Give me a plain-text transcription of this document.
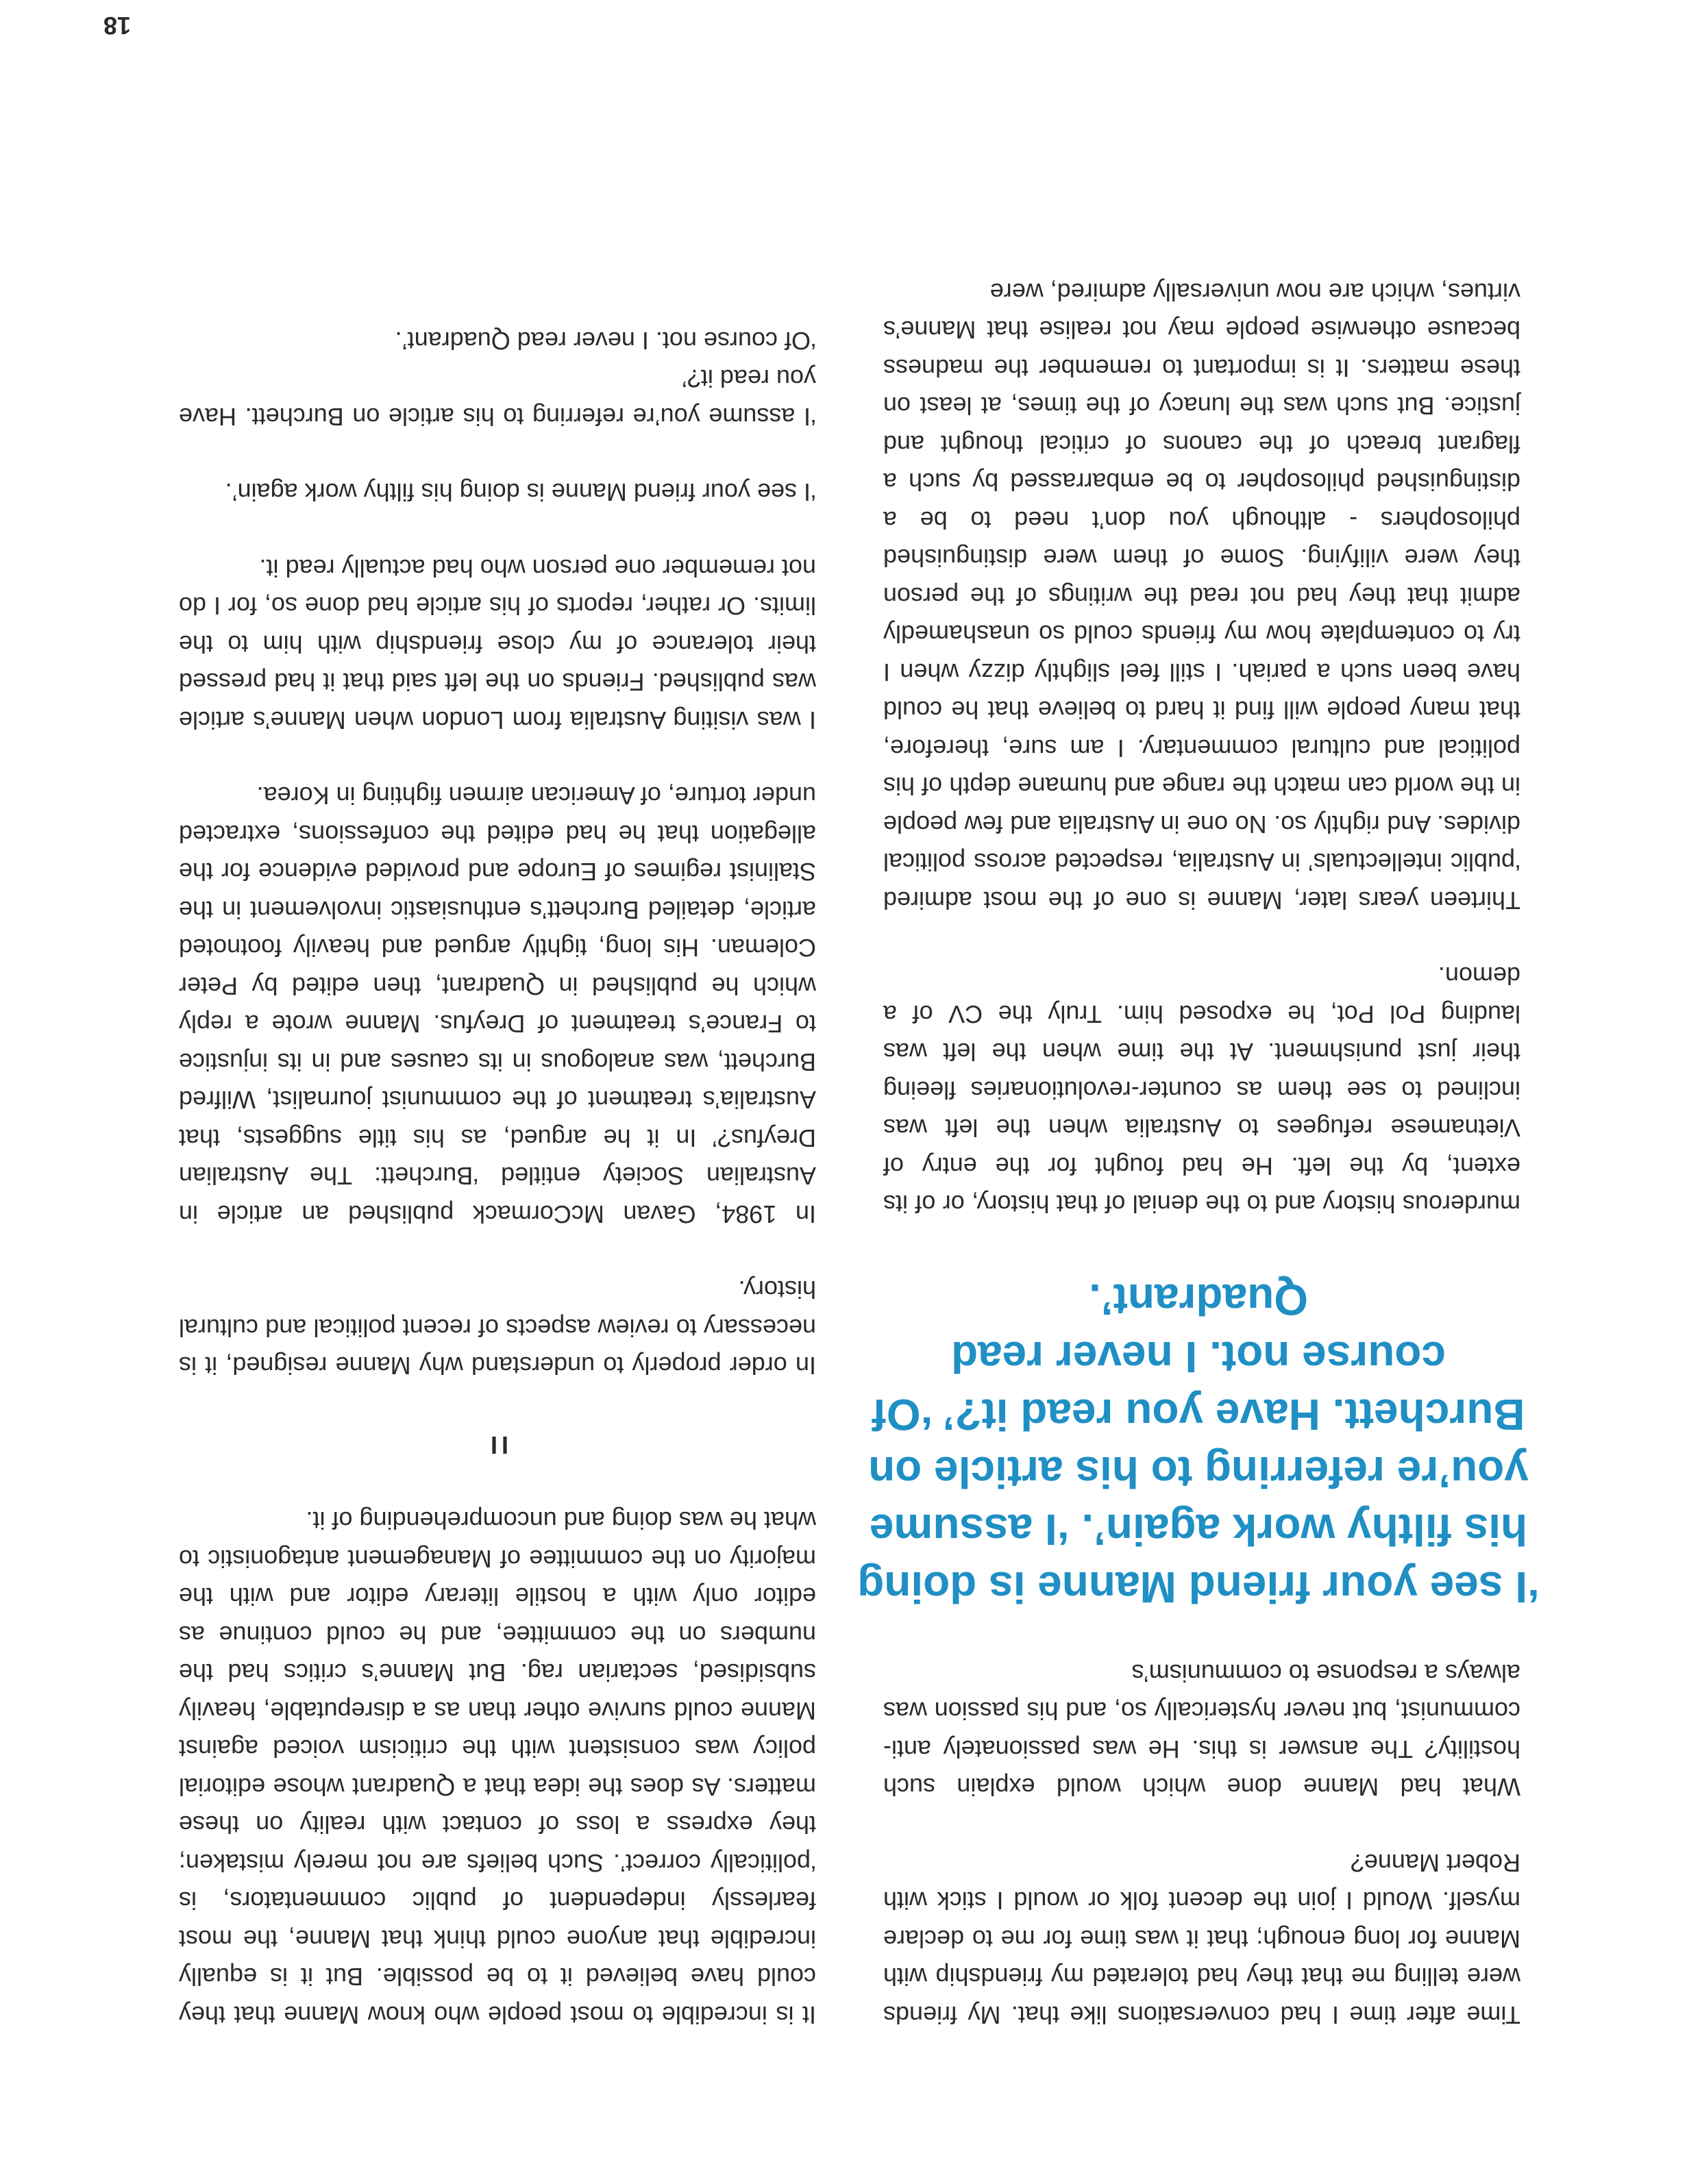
It is incredible to most people who know Manne that they could have believed it to be possible. But it is equally incredible that anyone could think that Manne, the most fearlessly independent of public commentators, is ‘politically correct’. Such beliefs are not merely mistaken; they express a loss of contact with reality on these matters. As does the idea that a Quadrant whose editorial policy was consistent with the criticism voiced against Manne could survive other than as a disreputable, heavily subsidised, sectarian rag. But Manne’s critics had the numbers on the committee, and he could continue as editor only with a hostile literary editor and with the majority on the committee of Management antagonistic to what he was doing and uncomprehending of it.

II

In order properly to understand why Manne resigned, it is necessary to review aspects of recent political and cultural history.

In 1984, Gavan McCormack published an article in Australian Society entitled ‘Burchett: The Australian Dreyfus?’ In it he argued, as his title suggests, that Australia’s treatment of the communist journalist, Wilfred Burchett, was analogous in its causes and in its injustice to France’s treatment of Dreyfus. Manne wrote a reply which he published in Quadrant, then edited by Peter Coleman. His long, tightly argued and heavily footnoted article, detailed Burchett’s enthusiastic involvement in the Stalinist regimes of Europe and provided evidence for the allegation that he had edited the confessions, extracted under torture, of American airmen fighting in Korea.

I was visiting Australia from London when Manne’s article was published. Friends on the left said that it had pressed their tolerance of my close friendship with him to the limits. Or rather, reports of his article had done so, for I do not remember one person who had actually read it.

‘I see your friend Manne is doing his filthy work again’.

‘I assume you’re referring to his article on Burchett. Have you read it?’

‘Of course not. I never read Quadrant’.

Time after time I had conversations like that. My friends were telling me that they had tolerated my friendship with Manne for long enough; that it was time for me to declare myself. Would I join the decent folk or would I stick with Robert Manne?

What had Manne done which would explain such hostility? The answer is this. He was passionately anti-communist, but never hysterically so, and his passion was always a response to communism’s

‘I see your friend Manne is doing his filthy work again’. ‘I assume you’re referring to his article on Burchett. Have you read it?’ ‘Of course not. I never read Quadrant’.

murderous history and to the denial of that history, or of its extent, by the left. He had fought for the entry of Vietnamese refugees to Australia when the left was inclined to see them as counter-revolutionaries fleeing their just punishment. At the time when the left was lauding Pol Pot, he exposed him. Truly the CV of a demon.

Thirteen years later, Manne is one of the most admired ‘public intellectuals’ in Australia, respected across political divides. And rightly so. No one in Australia and few people in the world can match the range and humane depth of his political and cultural commentary. I am sure, therefore, that many people will find it hard to believe that he could have been such a pariah. I still feel slightly dizzy when I try to contemplate how my friends could so unashamedly admit that they had not read the writings of the person they were vilifying. Some of them were distinguished philosophers - although you don’t need to be a distinguished philosopher to be embarrassed by such a flagrant breach of the canons of critical thought and justice. But such was the lunacy of the times, at least on these matters. It is important to remember the madness because otherwise people may not realise that Manne’s virtues, which are now universally admired, were

18
